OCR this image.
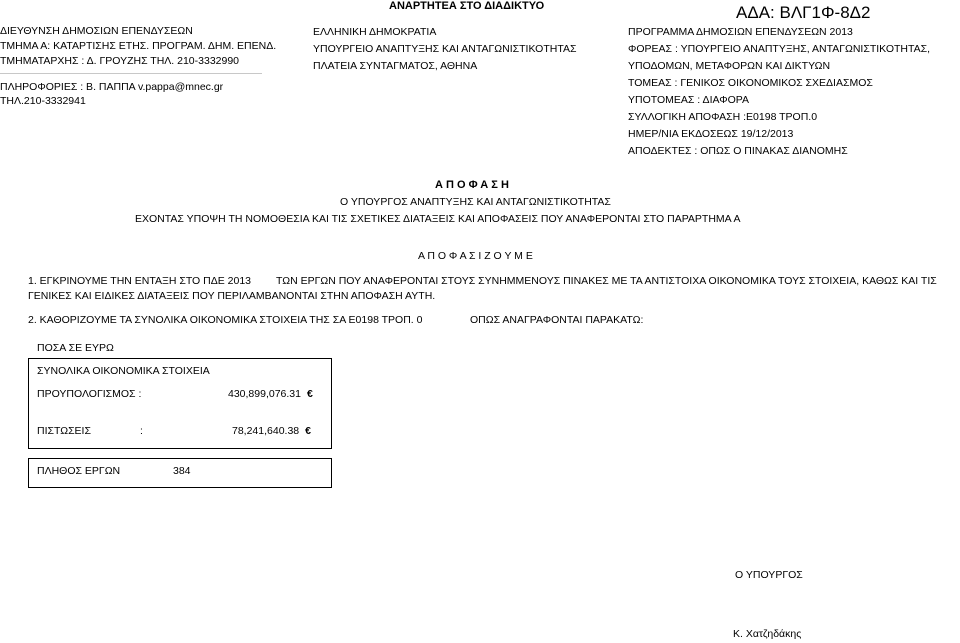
ΑΝΑΡΤΗΤΕΑ ΣΤΟ ΔΙΑΔΙΚΤΥΟ	ΑΔΑ: ΒΛΓ1Φ-8Δ2
ΔΙΕΥΘΥΝΣΗ ΔΗΜΟΣΙΩΝ ΕΠΕΝΔΥΣΕΩΝ
ΤΜΗΜΑ Α: ΚΑΤΑΡΤΙΣΗΣ ΕΤΗΣ. ΠΡΟΓΡΑΜ. ΔΗΜ. ΕΠΕΝΔ.
ΤΜΗΜΑΤΑΡΧΗΣ : Δ. ΓΡΟΥΖΗΣ ΤΗΛ. 210-3332990
ΠΛΗΡΟΦΟΡΙΕΣ : Β. ΠΑΠΠΑ v.pappa@mnec.gr
ΤΗΛ.210-3332941
ΕΛΛΗΝΙΚΗ ΔΗΜΟΚΡΑΤΙΑ
ΥΠΟΥΡΓΕΙΟ ΑΝΑΠΤΥΞΗΣ ΚΑΙ ΑΝΤΑΓΩΝΙΣΤΙΚΟΤΗΤΑΣ
ΠΛΑΤΕΙΑ ΣΥΝΤΑΓΜΑΤΟΣ, ΑΘΗΝΑ
ΠΡΟΓΡΑΜΜΑ ΔΗΜΟΣΙΩΝ ΕΠΕΝΔΥΣΕΩΝ 2013
ΦΟΡΕΑΣ : ΥΠΟΥΡΓΕΙΟ ΑΝΑΠΤΥΞΗΣ, ΑΝΤΑΓΩΝΙΣΤΙΚΟΤΗΤΑΣ,
ΥΠΟΔΟΜΩΝ, ΜΕΤΑΦΟΡΩΝ ΚΑΙ ΔΙΚΤΥΩΝ
ΤΟΜΕΑΣ : ΓΕΝΙΚΟΣ ΟΙΚΟΝΟΜΙΚΟΣ ΣΧΕΔΙΑΣΜΟΣ
ΥΠΟΤΟΜΕΑΣ : ΔΙΑΦΟΡΑ
ΣΥΛΛΟΓΙΚΗ ΑΠΟΦΑΣΗ :Ε0198 ΤΡΟΠ.0
ΗΜΕΡ/ΝΙΑ ΕΚΔΟΣΕΩΣ 19/12/2013
ΑΠΟΔΕΚΤΕΣ : ΟΠΩΣ Ο ΠΙΝΑΚΑΣ ΔΙΑΝΟΜΗΣ
Α Π Ο Φ Α Σ Η
Ο ΥΠΟΥΡΓΟΣ ΑΝΑΠΤΥΞΗΣ ΚΑΙ ΑΝΤΑΓΩΝΙΣΤΙΚΟΤΗΤΑΣ
ΕΧΟΝΤΑΣ ΥΠΟΨΗ ΤΗ ΝΟΜΟΘΕΣΙΑ ΚΑΙ ΤΙΣ ΣΧΕΤΙΚΕΣ ΔΙΑΤΑΞΕΙΣ ΚΑΙ ΑΠΟΦΑΣΕΙΣ ΠΟΥ ΑΝΑΦΕΡΟΝΤΑΙ ΣΤΟ ΠΑΡΑΡΤΗΜΑ Α
Α Π Ο Φ Α Σ Ι Ζ Ο Υ Μ Ε
1. ΕΓΚΡΙΝΟΥΜΕ ΤΗΝ ΕΝΤΑΞΗ ΣΤΟ ΠΔΕ 2013 ΤΩΝ ΕΡΓΩΝ ΠΟΥ ΑΝΑΦΕΡΟΝΤΑΙ ΣΤΟΥΣ ΣΥΝΗΜΜΕΝΟΥΣ ΠΙΝΑΚΕΣ ΜΕ ΤΑ ΑΝΤΙΣΤΟΙΧΑ ΟΙΚΟΝΟΜΙΚΑ ΤΟΥΣ ΣΤΟΙΧΕΙΑ, ΚΑΘΩΣ ΚΑΙ ΤΙΣ
ΓΕΝΙΚΕΣ ΚΑΙ ΕΙΔΙΚΕΣ ΔΙΑΤΑΞΕΙΣ ΠΟΥ ΠΕΡΙΛΑΜΒΑΝΟΝΤΑΙ ΣΤΗΝ ΑΠΟΦΑΣΗ ΑΥΤΗ.
2. ΚΑΘΟΡΙΖΟΥΜΕ ΤΑ ΣΥΝΟΛΙΚΑ ΟΙΚΟΝΟΜΙΚΑ ΣΤΟΙΧΕΙΑ ΤΗΣ ΣΑ Ε0198 ΤΡΟΠ. 0	ΟΠΩΣ ΑΝΑΓΡΑΦΟΝΤΑΙ ΠΑΡΑΚΑΤΩ:
ΠΟΣΑ ΣΕ ΕΥΡΩ
ΣΥΝΟΛΙΚΑ ΟΙΚΟΝΟΜΙΚΑ ΣΤΟΙΧΕΙΑ
ΠΡΟΥΠΟΛΟΓΙΣΜΟΣ :	430,899,076.31 €
ΠΙΣΤΩΣΕΙΣ	:	78,241,640.38 €
ΠΛΗΘΟΣ ΕΡΓΩΝ	384
Ο ΥΠΟΥΡΓΟΣ
Κ. Χατζηδάκης
